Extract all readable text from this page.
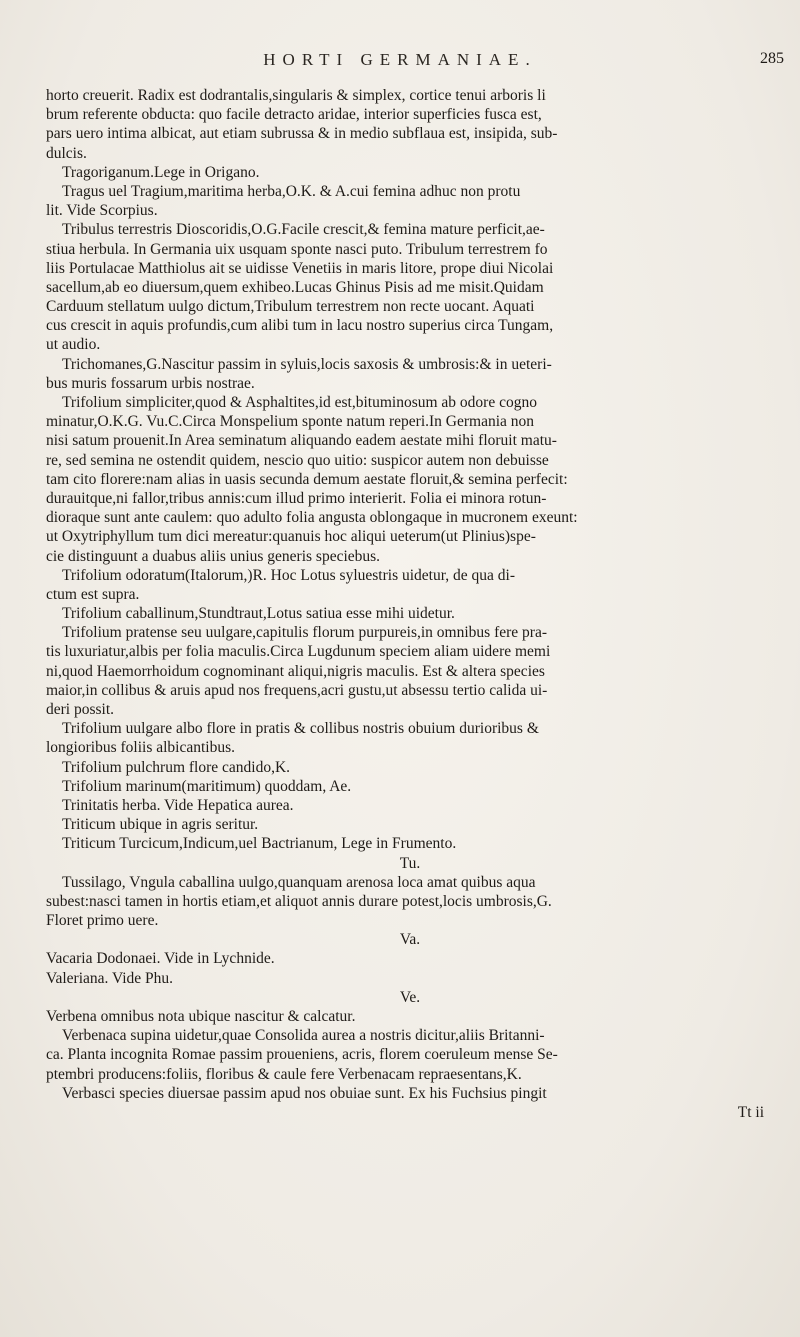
HORTI GERMANIAE.	285
horto creuerit. Radix est dodrantalis,singularis & simplex, cortice tenui arboris li
brum referente obducta: quo facile detracto aridae, interior superficies fusca est,
pars uero intima albicat, aut etiam subrussa & in medio subflaua est, insipida, sub-
dulcis.
Tragoriganum.Lege in Origano.
Tragus uel Tragium,maritima herba,O.K. & A.cui femina adhuc non protu
lit. Vide Scorpius.
Tribulus terrestris Dioscoridis,O.G.Facile crescit,& femina mature perficit,ae-
stiua herbula. In Germania uix usquam sponte nasci puto. Tribulum terrestrem fo
liis Portulacae Matthiolus ait se uidisse Venetiis in maris litore, prope diui Nicolai
sacellum,ab eo diuersum,quem exhibeo.Lucas Ghinus Pisis ad me misit.Quidam
Carduum stellatum uulgo dictum,Tribulum terrestrem non recte uocant. Aquati
cus crescit in aquis profundis,cum alibi tum in lacu nostro superius circa Tungam,
ut audio.
Trichomanes,G.Nascitur passim in syluis,locis saxosis & umbrosis:& in ueteri-
bus muris fossarum urbis nostrae.
Trifolium simpliciter,quod & Asphaltites,id est,bituminosum ab odore cogno
minatur,O.K.G. Vu.C.Circa Monspelium sponte natum reperi.In Germania non
nisi satum prouenit.In Area seminatum aliquando eadem aestate mihi floruit matu-
re, sed semina ne ostendit quidem, nescio quo uitio: suspicor autem non debuisse
tam cito florere:nam alias in uasis secunda demum aestate floruit,& semina perfecit:
durauitque,ni fallor,tribus annis:cum illud primo interierit. Folia ei minora rotun-
dioraque sunt ante caulem: quo adulto folia angusta oblongaque in mucronem exeunt:
ut Oxytriphyllum tum dici mereatur:quanuis hoc aliqui ueterum(ut Plinius)spe-
cie distinguunt a duabus aliis unius generis speciebus.
Trifolium odoratum(Italorum,)R. Hoc Lotus syluestris uidetur, de qua di-
ctum est supra.
Trifolium caballinum,Stundtraut,Lotus satiua esse mihi uidetur.
Trifolium pratense seu uulgare,capitulis florum purpureis,in omnibus fere pra-
tis luxuriatur,albis per folia maculis.Circa Lugdunum speciem aliam uidere memi
ni,quod Haemorrhoidum cognominant aliqui,nigris maculis. Est & altera species
maior,in collibus & aruis apud nos frequens,acri gustu,ut absessu tertio calida ui-
deri possit.
Trifolium uulgare albo flore in pratis & collibus nostris obuium durioribus &
longioribus foliis albicantibus.
Trifolium pulchrum flore candido,K.
Trifolium marinum(maritimum) quoddam, Ae.
Trinitatis herba. Vide Hepatica aurea.
Triticum ubique in agris seritur.
Triticum Turcicum,Indicum,uel Bactrianum, Lege in Frumento.
Tu.
Tussilago, Vngula caballina uulgo,quanquam arenosa loca amat quibus aqua
subest:nasci tamen in hortis etiam,et aliquot annis durare potest,locis umbrosis,G.
Floret primo uere.
Va.
Vacaria Dodonaei. Vide in Lychnide.
Valeriana. Vide Phu.
Ve.
Verbena omnibus nota ubique nascitur & calcatur.
Verbenaca supina uidetur,quae Consolida aurea a nostris dicitur,aliis Britanni-
ca. Planta incognita Romae passim proueniens, acris, florem coeruleum mense Se-
ptembri producens:foliis, floribus & caule fere Verbenacam repraesentans,K.
Verbasci species diuersae passim apud nos obuiae sunt. Ex his Fuchsius pingit
Tt ii
